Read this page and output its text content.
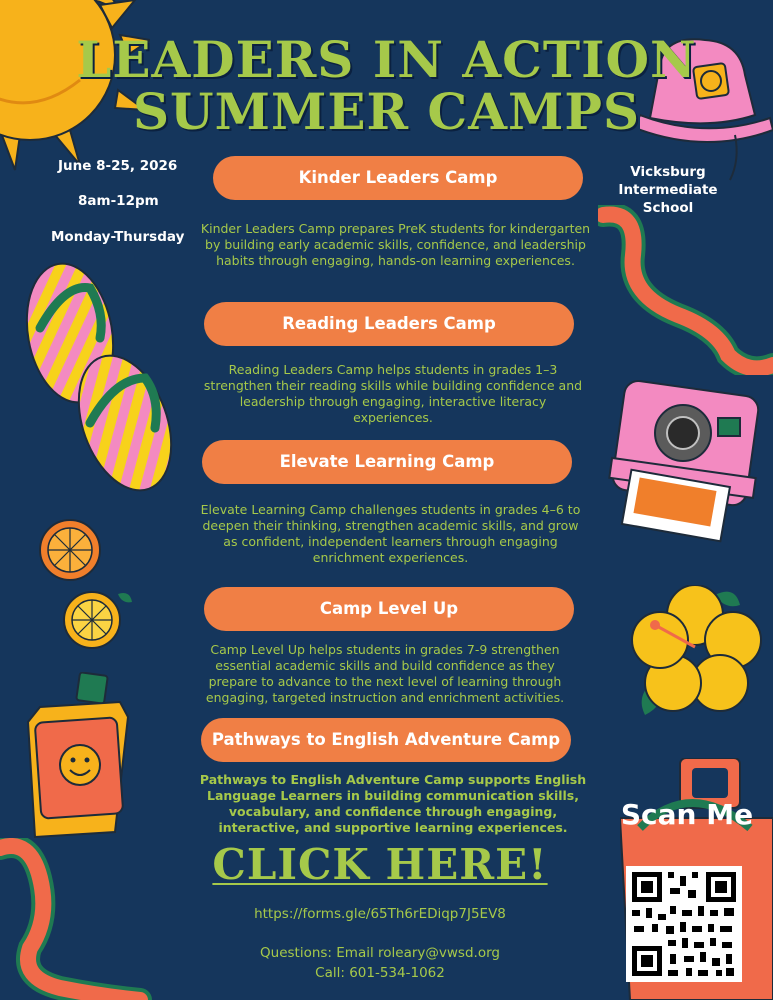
June 8-25, 2026
8am-12pm
Monday-Thursday
Vicksburg Intermediate School
LEADERS IN ACTION
SUMMER CAMPS
Kinder Leaders Camp
Kinder Leaders Camp prepares PreK students for kindergarten by building early academic skills, confidence, and leadership habits through engaging, hands-on learning experiences.
Reading Leaders Camp
Reading Leaders Camp helps students in grades 1–3 strengthen their reading skills while building confidence and leadership through engaging, interactive literacy experiences.
Elevate Learning Camp
Elevate Learning Camp challenges students in grades 4–6 to deepen their thinking, strengthen academic skills, and grow as confident, independent learners through engaging enrichment experiences.
Camp Level Up
Camp Level Up helps students in grades 7-9 strengthen essential academic skills and build confidence as they prepare to advance to the next level of learning through engaging, targeted instruction and enrichment activities.
Pathways to English Adventure Camp
Pathways to English Adventure Camp supports English Language Learners in building communication skills, vocabulary, and confidence through engaging, interactive, and supportive learning experiences.
CLICK HERE!
https://forms.gle/65Th6rEDiqp7J5EV8
Questions: Email roleary@vwsd.org
Call: 601-534-1062
Scan Me
